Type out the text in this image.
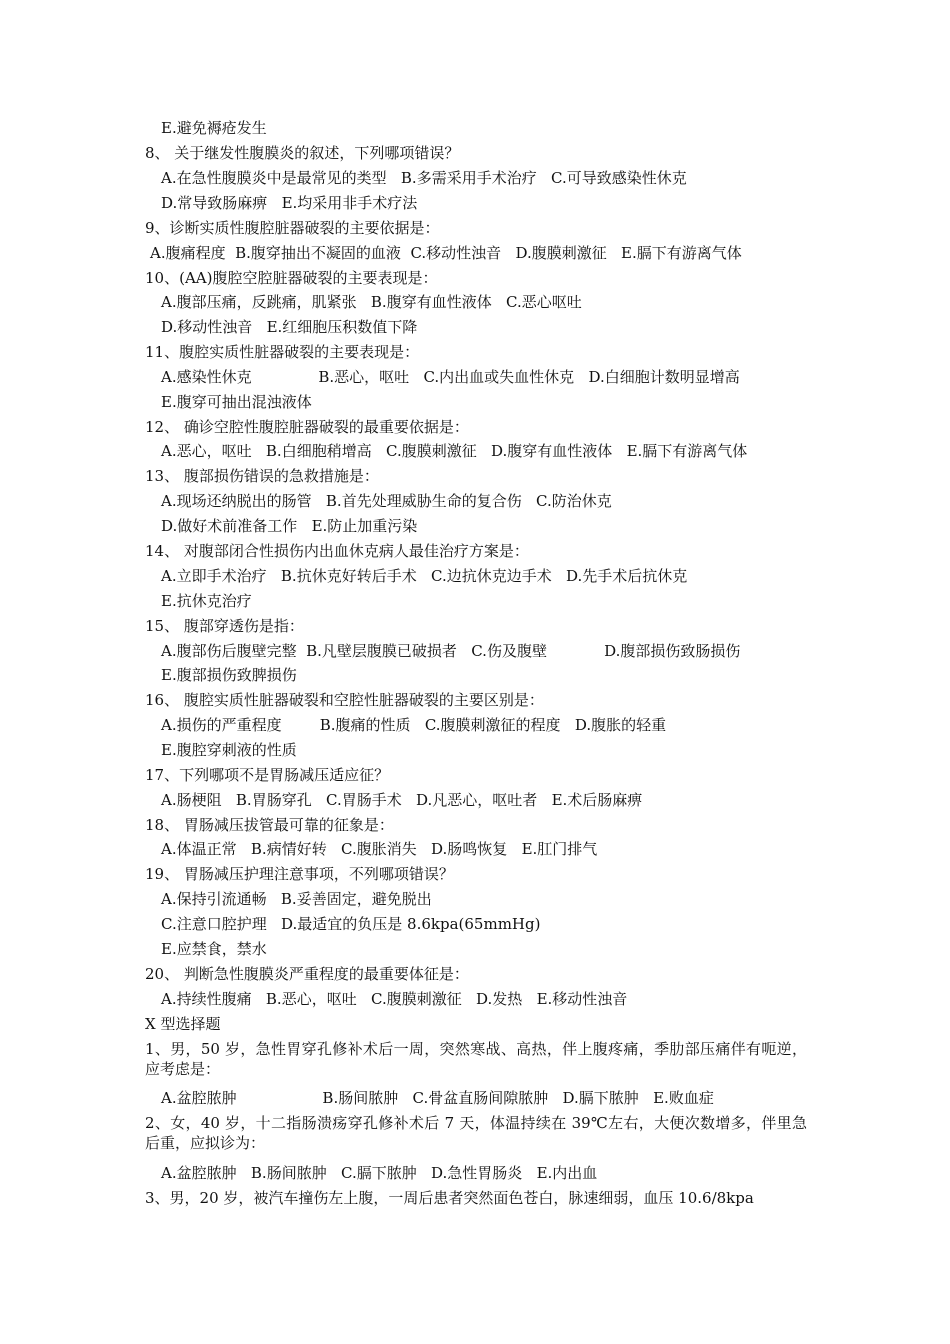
E.避免褥疮发生
8、 关于继发性腹膜炎的叙述，下列哪项错误？
A.在急性腹膜炎中是最常见的类型   B.多需采用手术治疗   C.可导致感染性休克
D.常导致肠麻痹   E.均采用非手术疗法
9、诊断实质性腹腔脏器破裂的主要依据是：
A.腹痛程度  B.腹穿抽出不凝固的血液  C.移动性浊音   D.腹膜刺激征   E.膈下有游离气体
10、(AA)腹腔空腔脏器破裂的主要表现是：
A.腹部压痛，反跳痛，肌紧张   B.腹穿有血性液体   C.恶心呕吐
D.移动性浊音   E.红细胞压积数值下降
11、腹腔实质性脏器破裂的主要表现是：
A.感染性休克              B.恶心，呕吐   C.内出血或失血性休克   D.白细胞计数明显增高
E.腹穿可抽出混浊液体
12、 确诊空腔性腹腔脏器破裂的最重要依据是：
A.恶心，呕吐   B.白细胞稍增高   C.腹膜刺激征   D.腹穿有血性液体   E.膈下有游离气体
13、 腹部损伤错误的急救措施是：
A.现场还纳脱出的肠管   B.首先处理威胁生命的复合伤   C.防治休克
D.做好术前准备工作   E.防止加重污染
14、 对腹部闭合性损伤内出血休克病人最佳治疗方案是：
A.立即手术治疗   B.抗休克好转后手术   C.边抗休克边手术   D.先手术后抗休克
E.抗休克治疗
15、 腹部穿透伤是指：
A.腹部伤后腹壁完整  B.凡壁层腹膜已破损者   C.伤及腹壁            D.腹部损伤致肠损伤
E.腹部损伤致脾损伤
16、 腹腔实质性脏器破裂和空腔性脏器破裂的主要区别是：
A.损伤的严重程度        B.腹痛的性质   C.腹膜刺激征的程度   D.腹胀的轻重
E.腹腔穿刺液的性质
17、下列哪项不是胃肠减压适应征？
A.肠梗阻   B.胃肠穿孔   C.胃肠手术   D.凡恶心，呕吐者   E.术后肠麻痹
18、 胃肠减压拔管最可靠的征象是：
A.体温正常   B.病情好转   C.腹胀消失   D.肠鸣恢复   E.肛门排气
19、 胃肠减压护理注意事项，不列哪项错误？
A.保持引流通畅   B.妥善固定，避免脱出
C.注意口腔护理   D.最适宜的负压是 8.6kpa(65mmHg)
E.应禁食，禁水
20、 判断急性腹膜炎严重程度的最重要体征是：
A.持续性腹痛   B.恶心，呕吐   C.腹膜刺激征   D.发热   E.移动性浊音
X 型选择题
1、男，50 岁，急性胃穿孔修补术后一周，突然寒战、高热，伴上腹疼痛，季肋部压痛伴有呃逆，应考虑是：
A.盆腔脓肿                  B.肠间脓肿   C.骨盆直肠间隙脓肿   D.膈下脓肿   E.败血症
2、女，40 岁，十二指肠溃疡穿孔修补术后 7 天，体温持续在 39℃左右，大便次数增多，伴里急后重，应拟诊为：
A.盆腔脓肿   B.肠间脓肿   C.膈下脓肿   D.急性胃肠炎   E.内出血
3、男，20 岁，被汽车撞伤左上腹，一周后患者突然面色苍白，脉速细弱，血压 10.6/8kpa
